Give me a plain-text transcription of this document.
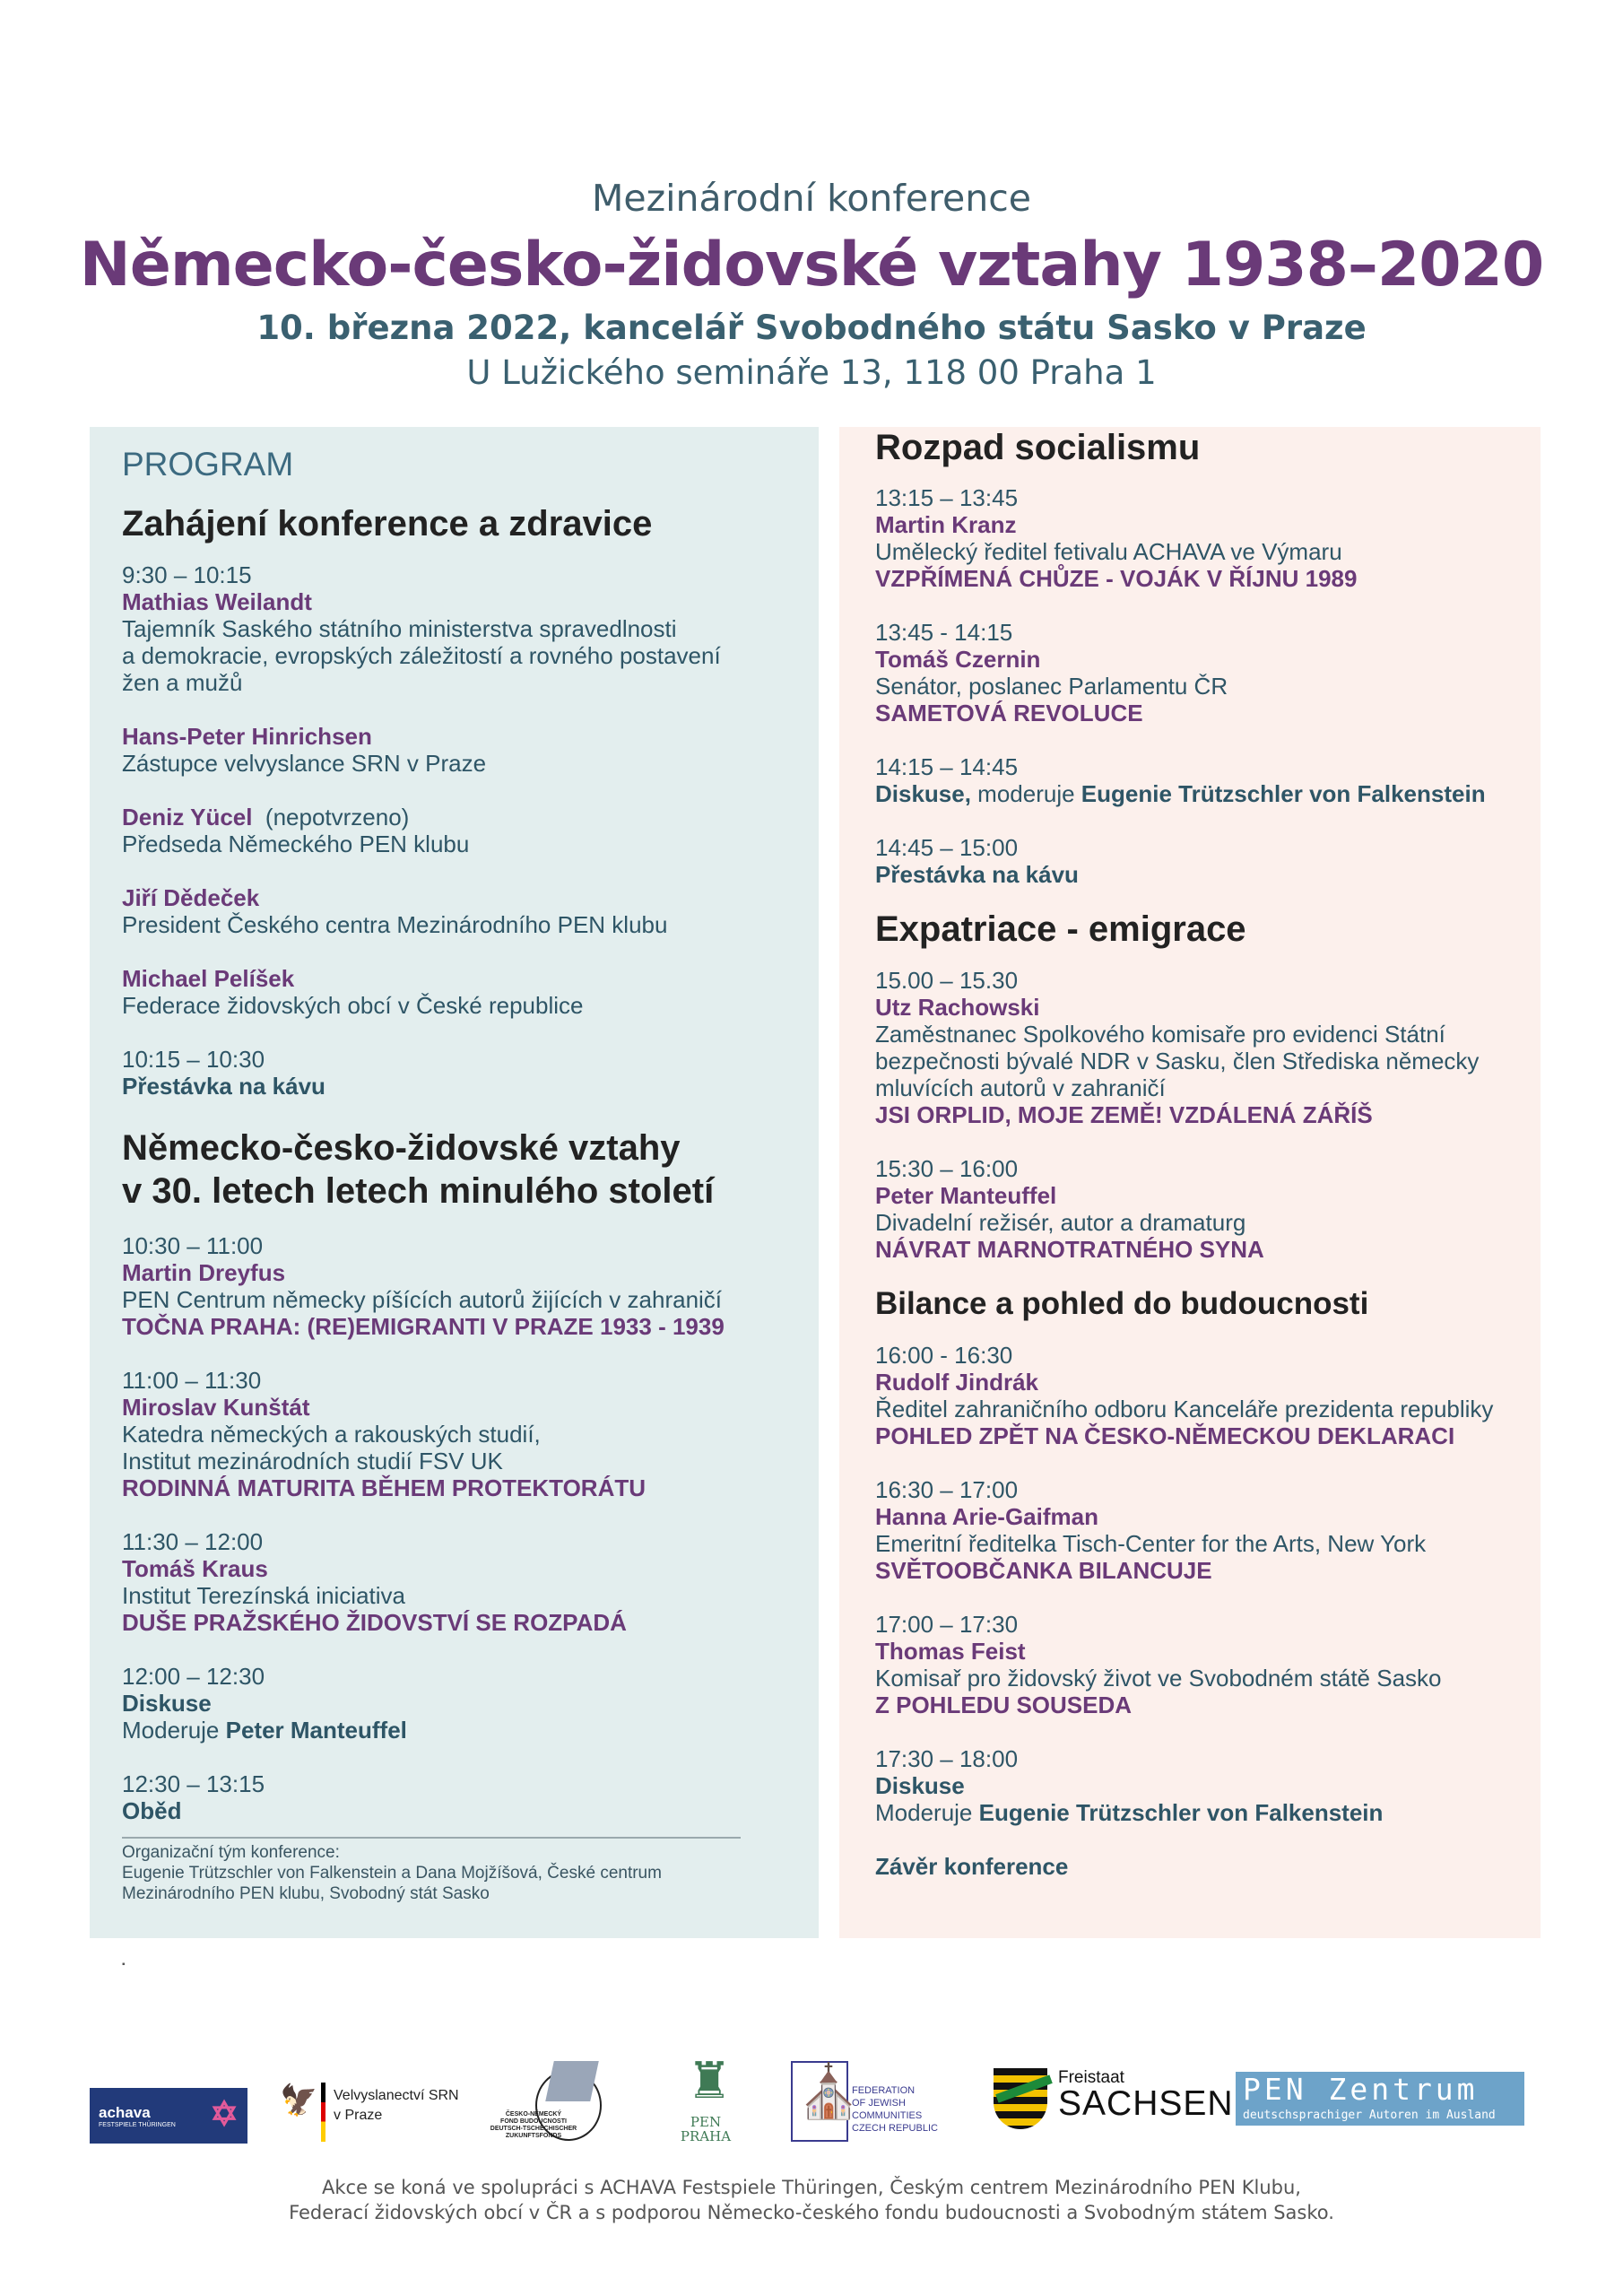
Mezinárodní konference
Německo-česko-židovské vztahy 1938–2020
10. března 2022, kancelář Svobodného státu Sasko v Praze
U Lužického semináře 13, 118 00 Praha 1
PROGRAM
Zahájení konference a zdravice
9:30 – 10:15
Mathias Weilandt
Tajemník Saského státního ministerstva spravedlnosti
a demokracie, evropských záležitostí a rovného postavení
žen a mužů
Hans-Peter Hinrichsen
Zástupce velvyslance SRN v Praze
Deniz Yücel  (nepotvrzeno)
Předseda Německého PEN klubu
Jiří Dědeček
President Českého centra Mezinárodního PEN klubu
Michael Pelíšek
Federace židovských obcí v České republice
10:15 – 10:30
Přestávka na kávu
Německo-česko-židovské vztahy
v 30. letech letech minulého století
10:30 – 11:00
Martin Dreyfus
PEN Centrum německy píšících autorů žijících v zahraničí
TOČNA PRAHA: (RE)EMIGRANTI V PRAZE 1933 - 1939
11:00 – 11:30
Miroslav Kunštát
Katedra německých a rakouských studií,
Institut mezinárodních studií FSV UK
RODINNÁ MATURITA BĚHEM PROTEKTORÁTU
11:30 – 12:00
Tomáš Kraus
Institut Terezínská iniciativa
DUŠE PRAŽSKÉHO ŽIDOVSTVÍ SE ROZPADÁ
12:00 – 12:30
Diskuse
Moderuje Peter Manteuffel
12:30 – 13:15
Oběd
Organizační tým konference:
Eugenie Trützschler von Falkenstein a Dana Mojžíšová, České centrum
Mezinárodního PEN klubu, Svobodný stát Sasko
Rozpad socialismu
13:15 – 13:45
Martin Kranz
Umělecký ředitel fetivalu ACHAVA ve Výmaru
VZPŘÍMENÁ CHŮZE - VOJÁK V ŘÍJNU 1989
13:45 - 14:15
Tomáš Czernin
Senátor, poslanec Parlamentu ČR
SAMETOVÁ REVOLUCE
14:15 – 14:45
Diskuse, moderuje Eugenie Trützschler von Falkenstein
14:45 – 15:00
Přestávka na kávu
Expatriace - emigrace
15.00 – 15.30
Utz Rachowski
Zaměstnanec Spolkového komisaře pro evidenci Státní
bezpečnosti bývalé NDR v Sasku, člen Střediska německy
mluvících autorů v zahraničí
JSI ORPLID, MOJE ZEMĚ! VZDÁLENÁ ZÁŘÍŠ
15:30 – 16:00
Peter Manteuffel
Divadelní režisér, autor a dramaturg
NÁVRAT MARNOTRATNÉHO SYNA
Bilance a pohled do budoucnosti
16:00 - 16:30
Rudolf Jindrák
Ředitel zahraničního odboru Kanceláře prezidenta republiky
POHLED ZPĚT NA ČESKO-NĚMECKOU DEKLARACI
16:30 – 17:00
Hanna Arie-Gaifman
Emeritní ředitelka Tisch-Center for the Arts, New York
SVĚTOOBČANKA BILANCUJE
17:00 – 17:30
Thomas Feist
Komisař pro židovský život ve Svobodném státě Sasko
Z POHLEDU SOUSEDA
17:30 – 18:00
Diskuse
Moderuje Eugenie Trützschler von Falkenstein
Závěr konference
▪
achava
FESTSPIELE THÜRINGEN	✡ 🦅 Velvyslanectví SRN
v Praze	ČESKO-NĚMECKÝ
FOND BUDOUCNOSTI
DEUTSCH-TSCHECHISCHER
ZUKUNFTSFONDS
♜
PEN
PRAHA
⛪
FEDERATION
OF JEWISH
COMMUNITIES
CZECH REPUBLIC
Freistaat
SACHSEN PEN Zentrum
deutschsprachiger Autoren im Ausland
Akce se koná ve spolupráci s ACHAVA Festspiele Thüringen, Českým centrem Mezinárodního PEN Klubu,
Federací židovských obcí v ČR a s podporou Německo-českého fondu budoucnosti a Svobodným státem Sasko.
